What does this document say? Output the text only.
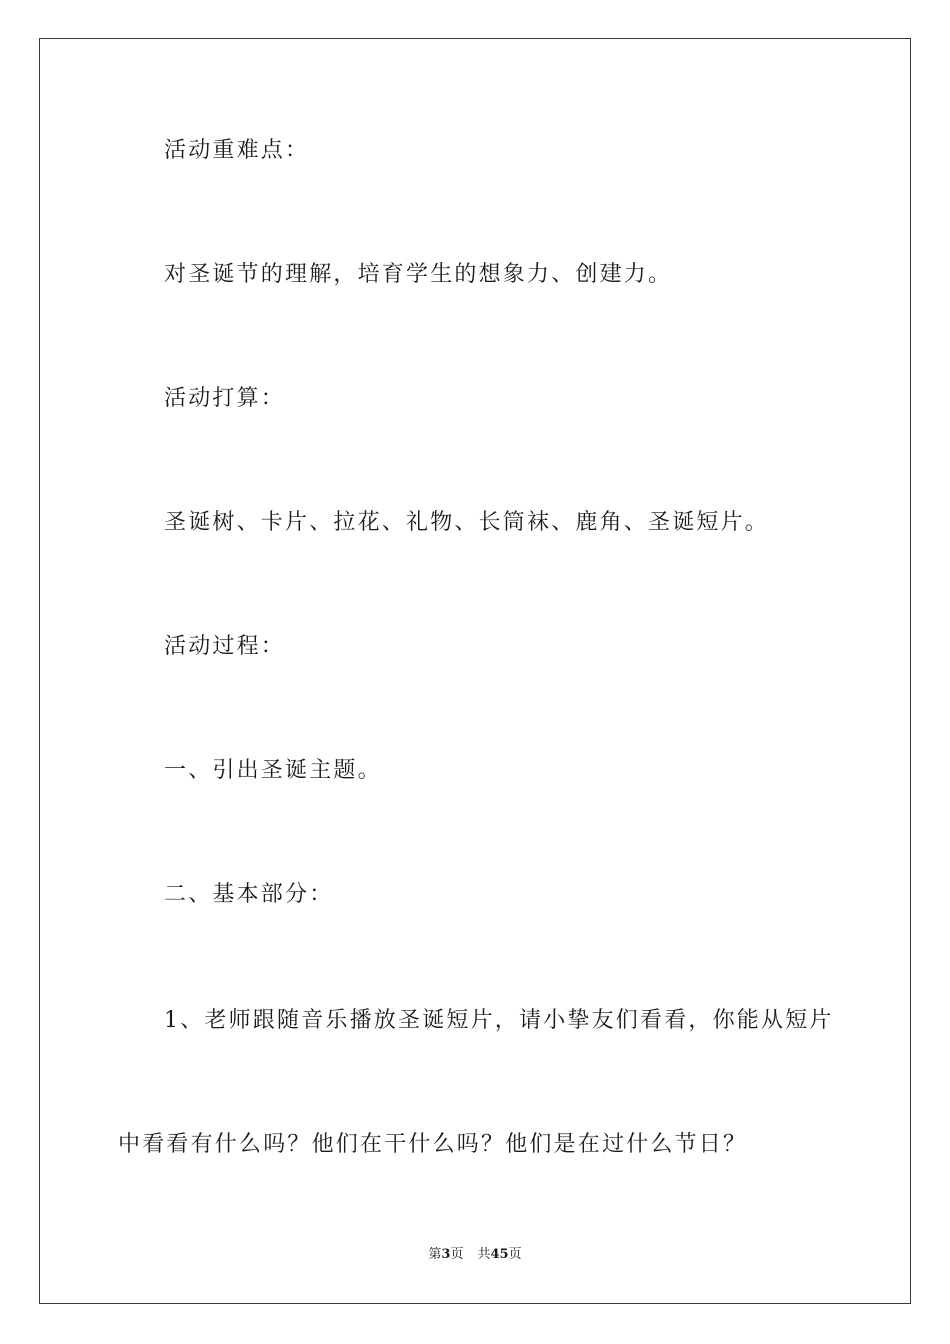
活动重难点：

对圣诞节的理解，培育学生的想象力、创建力。

活动打算：

圣诞树、卡片、拉花、礼物、长筒袜、鹿角、圣诞短片。

活动过程：

一、引出圣诞主题。

二、基本部分：

1、老师跟随音乐播放圣诞短片，请小挚友们看看，你能从短片

中看看有什么吗？他们在干什么吗？他们是在过什么节日？

第3页 共45页
